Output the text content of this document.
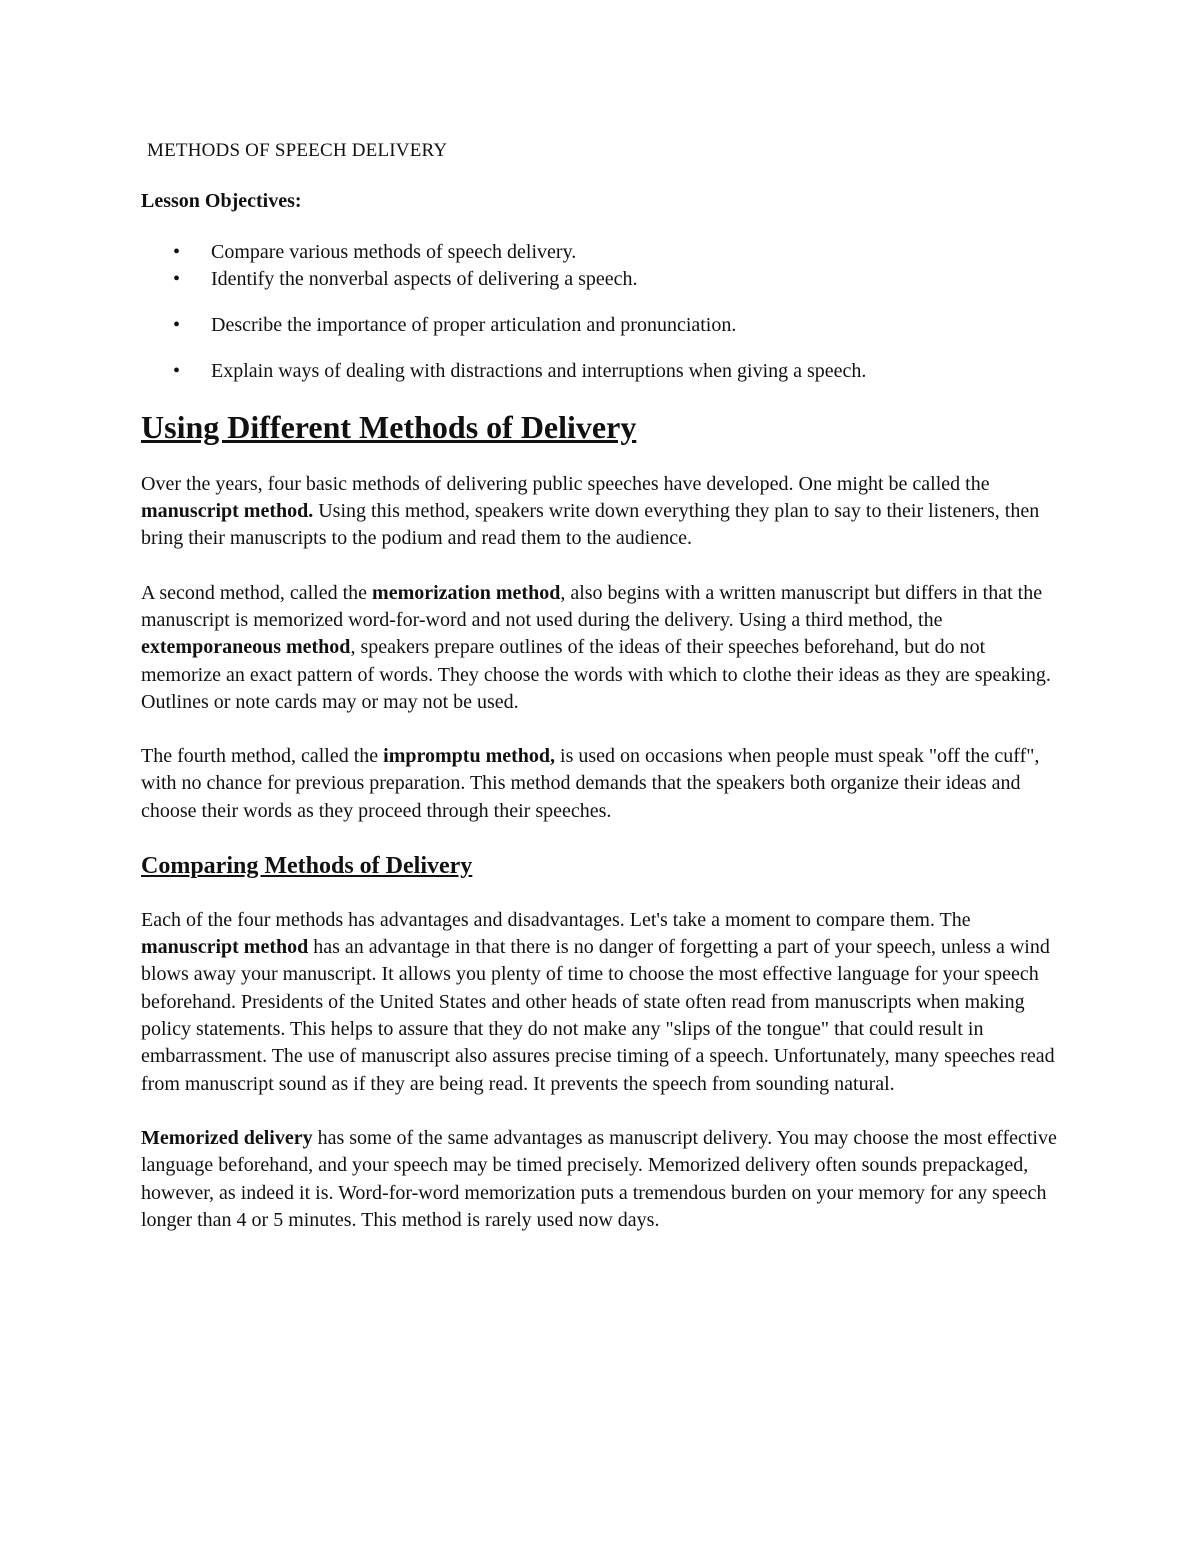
METHODS OF SPEECH DELIVERY
Lesson Objectives:
• Compare various methods of speech delivery.
• Identify the nonverbal aspects of delivering a speech.
• Describe the importance of proper articulation and pronunciation.
• Explain ways of dealing with distractions and interruptions when giving a speech.
Using Different Methods of Delivery

Over the years, four basic methods of delivering public speeches have developed. One might be called the manuscript method. Using this method, speakers write down everything they plan to say to their listeners, then bring their manuscripts to the podium and read them to the audience.

A second method, called the memorization method, also begins with a written manuscript but differs in that the manuscript is memorized word-for-word and not used during the delivery. Using a third method, the extemporaneous method, speakers prepare outlines of the ideas of their speeches beforehand, but do not memorize an exact pattern of words. They choose the words with which to clothe their ideas as they are speaking. Outlines or note cards may or may not be used.

The fourth method, called the impromptu method, is used on occasions when people must speak "off the cuff", with no chance for previous preparation. This method demands that the speakers both organize their ideas and choose their words as they proceed through their speeches.

Comparing Methods of Delivery

Each of the four methods has advantages and disadvantages. Let's take a moment to compare them. The manuscript method has an advantage in that there is no danger of forgetting a part of your speech, unless a wind blows away your manuscript. It allows you plenty of time to choose the most effective language for your speech beforehand. Presidents of the United States and other heads of state often read from manuscripts when making policy statements. This helps to assure that they do not make any "slips of the tongue" that could result in embarrassment. The use of manuscript also assures precise timing of a speech. Unfortunately, many speeches read from manuscript sound as if they are being read. It prevents the speech from sounding natural.

Memorized delivery has some of the same advantages as manuscript delivery. You may choose the most effective language beforehand, and your speech may be timed precisely. Memorized delivery often sounds prepackaged, however, as indeed it is. Word-for-word memorization puts a tremendous burden on your memory for any speech longer than 4 or 5 minutes. This method is rarely used now days.
